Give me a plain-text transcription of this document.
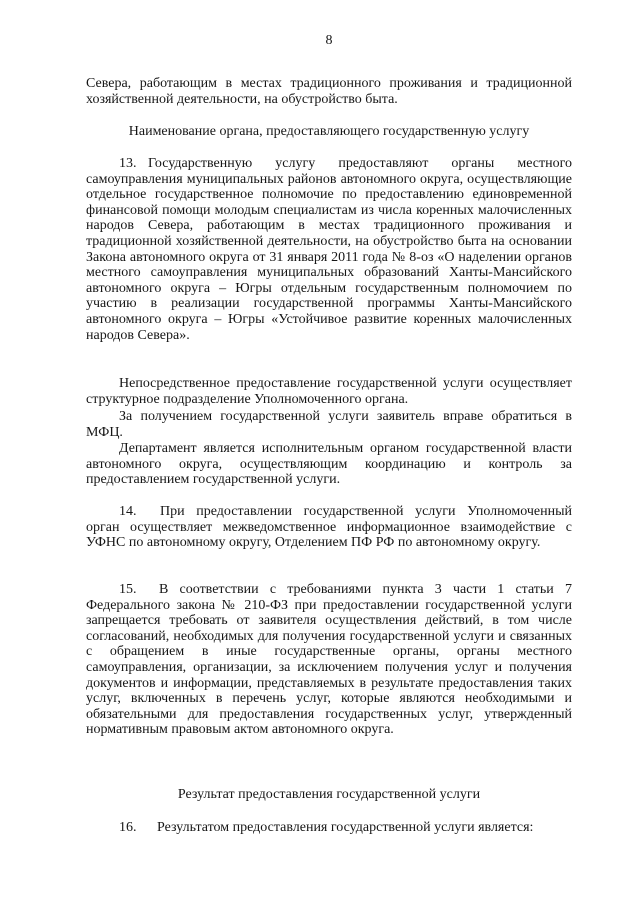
8

Севера, работающим в местах традиционного проживания и традиционной хозяйственной деятельности, на обустройство быта.

Наименование органа, предоставляющего государственную услугу

13. Государственную услугу предоставляют органы местного самоуправления муниципальных районов автономного округа, осуществляющие отдельное государственное полномочие по предоставлению единовременной финансовой помощи молодым специалистам из числа коренных малочисленных народов Севера, работающим в местах традиционного проживания и традиционной хозяйственной деятельности, на обустройство быта на основании Закона автономного округа от 31 января 2011 года № 8-оз «О наделении органов местного самоуправления муниципальных образований Ханты-Мансийского автономного округа – Югры отдельным государственным полномочием по участию в реализации государственной программы Ханты-Мансийского автономного округа – Югры «Устойчивое развитие коренных малочисленных народов Севера».

Непосредственное предоставление государственной услуги осуществляет структурное подразделение Уполномоченного органа.

За получением государственной услуги заявитель вправе обратиться в МФЦ.

Департамент является исполнительным органом государственной власти автономного округа, осуществляющим координацию и контроль за предоставлением государственной услуги.

14. При предоставлении государственной услуги Уполномоченный орган осуществляет межведомственное информационное взаимодействие с УФНС по автономному округу, Отделением ПФ РФ по автономному округу.

15. В соответствии с требованиями пункта 3 части 1 статьи 7 Федерального закона № 210-ФЗ при предоставлении государственной услуги запрещается требовать от заявителя осуществления действий, в том числе согласований, необходимых для получения государственной услуги и связанных с обращением в иные государственные органы, органы местного самоуправления, организации, за исключением получения услуг и получения документов и информации, представляемых в результате предоставления таких услуг, включенных в перечень услуг, которые являются необходимыми и обязательными для предоставления государственных услуг, утвержденный нормативным правовым актом автономного округа.

Результат предоставления государственной услуги

16. Результатом предоставления государственной услуги является:
